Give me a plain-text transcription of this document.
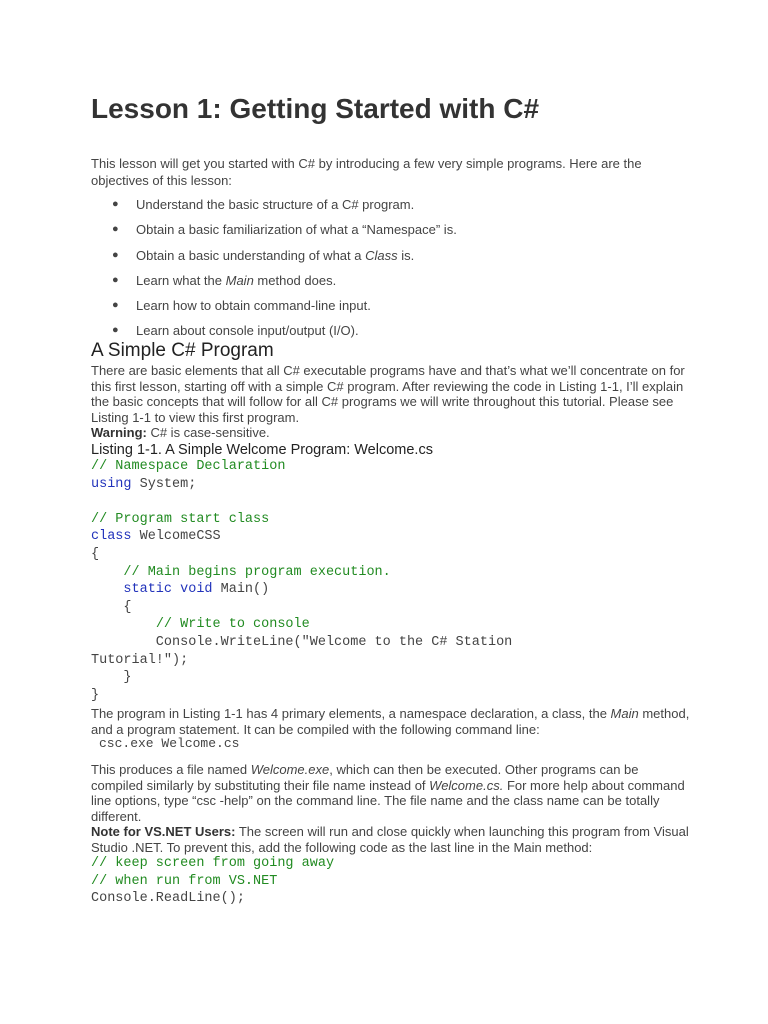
Lesson 1: Getting Started with C#
This lesson will get you started with C# by introducing a few very simple programs. Here are the objectives of this lesson:
● Understand the basic structure of a C# program.
● Obtain a basic familiarization of what a “Namespace” is.
● Obtain a basic understanding of what a Class is.
● Learn what the Main method does.
● Learn how to obtain command-line input.
● Learn about console input/output (I/O).
A Simple C# Program
There are basic elements that all C# executable programs have and that’s what we’ll concentrate on for this first lesson, starting off with a simple C# program. After reviewing the code in Listing 1-1, I’ll explain the basic concepts that will follow for all C# programs we will write throughout this tutorial. Please see Listing 1-1 to view this first program.
Warning: C# is case-sensitive.
Listing 1-1. A Simple Welcome Program: Welcome.cs
// Namespace Declaration
using System;

// Program start class
class WelcomeCSS
{
// Main begins program execution.
static void Main()
{
// Write to console
Console.WriteLine("Welcome to the C# Station
Tutorial!");
}
}
The program in Listing 1-1 has 4 primary elements, a namespace declaration, a class, the Main method, and a program statement. It can be compiled with the following command line:
csc.exe Welcome.cs
This produces a file named Welcome.exe, which can then be executed. Other programs can be compiled similarly by substituting their file name instead of Welcome.cs. For more help about command line options, type “csc -help” on the command line. The file name and the class name can be totally different.
Note for VS.NET Users: The screen will run and close quickly when launching this program from Visual Studio .NET. To prevent this, add the following code as the last line in the Main method:
// keep screen from going away
// when run from VS.NET
Console.ReadLine();
